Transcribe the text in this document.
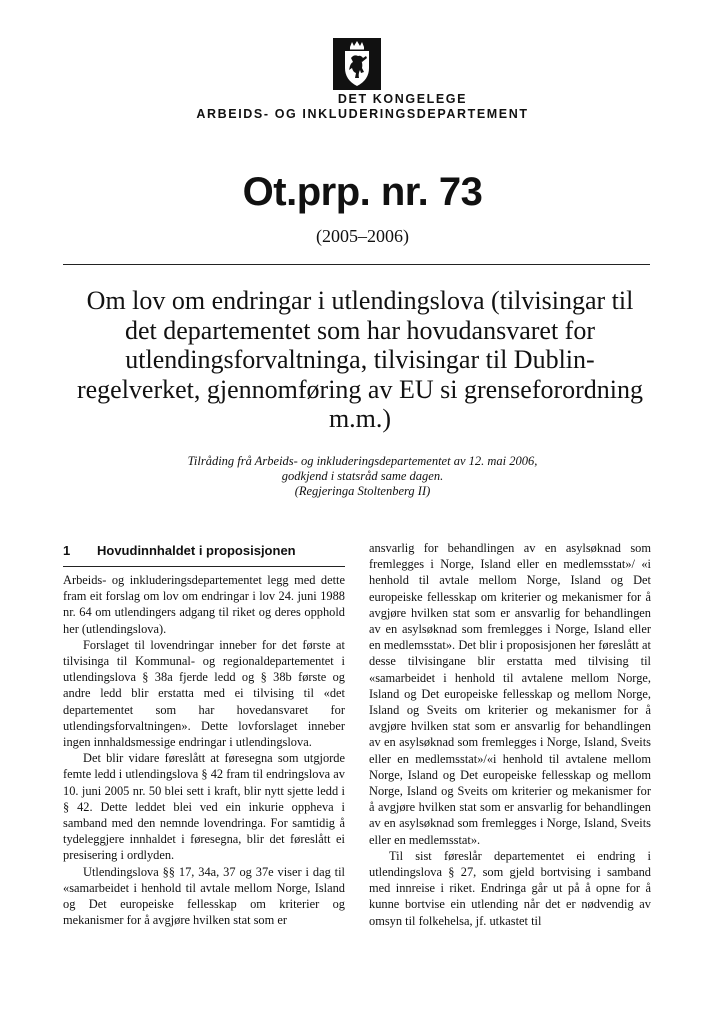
DET KONGELEGE
ARBEIDS- OG INKLUDERINGSDEPARTEMENT
Ot.prp. nr. 73
(2005–2006)
Om lov om endringar i utlendingslova (tilvisingar til det departementet som har hovudansvaret for utlendingsforvaltninga, tilvisingar til Dublin-regelverket, gjennomføring av EU si grenseforordning m.m.)
Tilråding frå Arbeids- og inkluderingsdepartementet av 12. mai 2006,
godkjend i statsråd same dagen.
(Regjeringa Stoltenberg II)
1 Hovudinnhaldet i proposisjonen

Arbeids- og inkluderingsdepartementet legg med dette fram eit forslag om lov om endringar i lov 24. juni 1988 nr. 64 om utlendingers adgang til riket og deres opphold her (utlendingslova).

Forslaget til lovendringar inneber for det første at tilvisinga til Kommunal- og regionaldepartementet i utlendingslova § 38a fjerde ledd og § 38b første og andre ledd blir erstatta med ei tilvising til «det departementet som har hovedansvaret for utlendingsforvaltningen». Dette lovforslaget inneber ingen innhaldsmessige endringar i utlendingslova.

Det blir vidare føreslått at føresegna som utgjorde femte ledd i utlendingslova § 42 fram til endringslova av 10. juni 2005 nr. 50 blei sett i kraft, blir nytt sjette ledd i § 42. Dette leddet blei ved ein inkurie oppheva i samband med den nemnde lovendringa. For samtidig å tydeleggjere innhaldet i føresegna, blir det føreslått ei presisering i ordlyden.

Utlendingslova §§ 17, 34a, 37 og 37e viser i dag til «samarbeidet i henhold til avtale mellom Norge, Island og Det europeiske fellesskap om kriterier og mekanismer for å avgjøre hvilken stat som er

ansvarlig for behandlingen av en asylsøknad som fremlegges i Norge, Island eller en medlemsstat»/ «i henhold til avtale mellom Norge, Island og Det europeiske fellesskap om kriterier og mekanismer for å avgjøre hvilken stat som er ansvarlig for behandlingen av en asylsøknad som fremlegges i Norge, Island eller en medlemsstat». Det blir i proposisjonen her føreslått at desse tilvisingane blir erstatta med tilvising til «samarbeidet i henhold til avtalene mellom Norge, Island og Det europeiske fellesskap og mellom Norge, Island og Sveits om kriterier og mekanismer for å avgjøre hvilken stat som er ansvarlig for behandlingen av en asylsøknad som fremlegges i Norge, Island, Sveits eller en medlemsstat»/«i henhold til avtalene mellom Norge, Island og Det europeiske fellesskap og mellom Norge, Island og Sveits om kriterier og mekanismer for å avgjøre hvilken stat som er ansvarlig for behandlingen av en asylsøknad som fremlegges i Norge, Island, Sveits eller en medlemsstat».

Til sist føreslår departementet ei endring i utlendingslova § 27, som gjeld bortvising i samband med innreise i riket. Endringa går ut på å opne for å kunne bortvise ein utlending når det er nødvendig av omsyn til folkehelsa, jf. utkastet til
